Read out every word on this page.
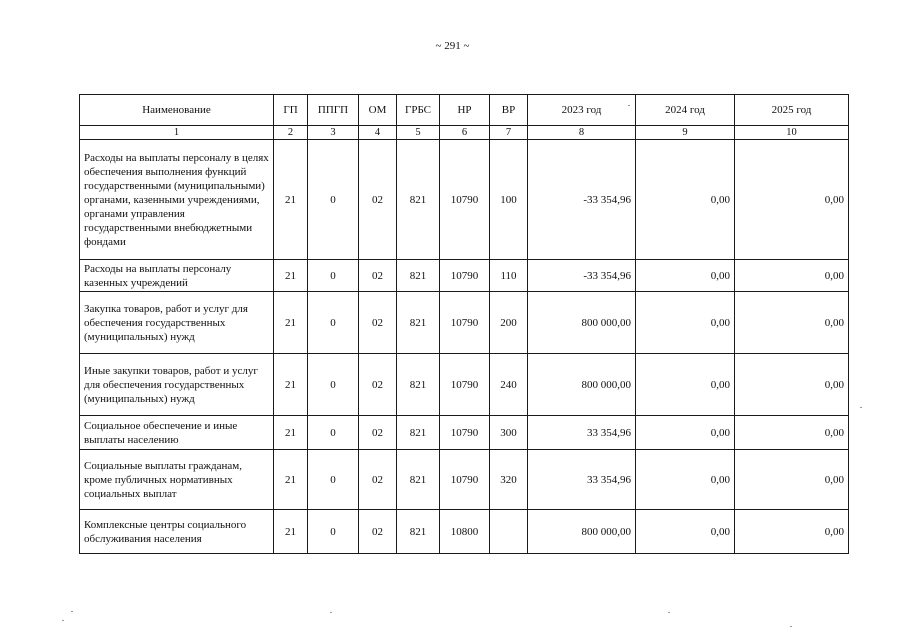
~ 291 ~
Наименование	ГП	ППГП	ОМ	ГРБС	НР	ВР	2023 год	2024 год	2025 год
1	2	3	4	5	6	7	8	9	10
Расходы на выплаты персоналу в целях обеспечения выполнения функций государственными (муниципальными) органами, казенными учреждениями, органами управления государственными внебюджетными фондами	21	0	02	821	10790	100	-33 354,96	0,00	0,00
Расходы на выплаты персоналу казенных учреждений	21	0	02	821	10790	110	-33 354,96	0,00	0,00
Закупка товаров, работ и услуг для обеспечения государственных (муниципальных) нужд	21	0	02	821	10790	200	800 000,00	0,00	0,00
Иные закупки товаров, работ и услуг для обеспечения государственных (муниципальных) нужд	21	0	02	821	10790	240	800 000,00	0,00	0,00
Социальное обеспечение и иные выплаты населению	21	0	02	821	10790	300	33 354,96	0,00	0,00
Социальные выплаты гражданам, кроме публичных нормативных социальных выплат	21	0	02	821	10790	320	33 354,96	0,00	0,00
Комплексные центры социального обслуживания населения	21	0	02	821	10800		800 000,00	0,00	0,00
